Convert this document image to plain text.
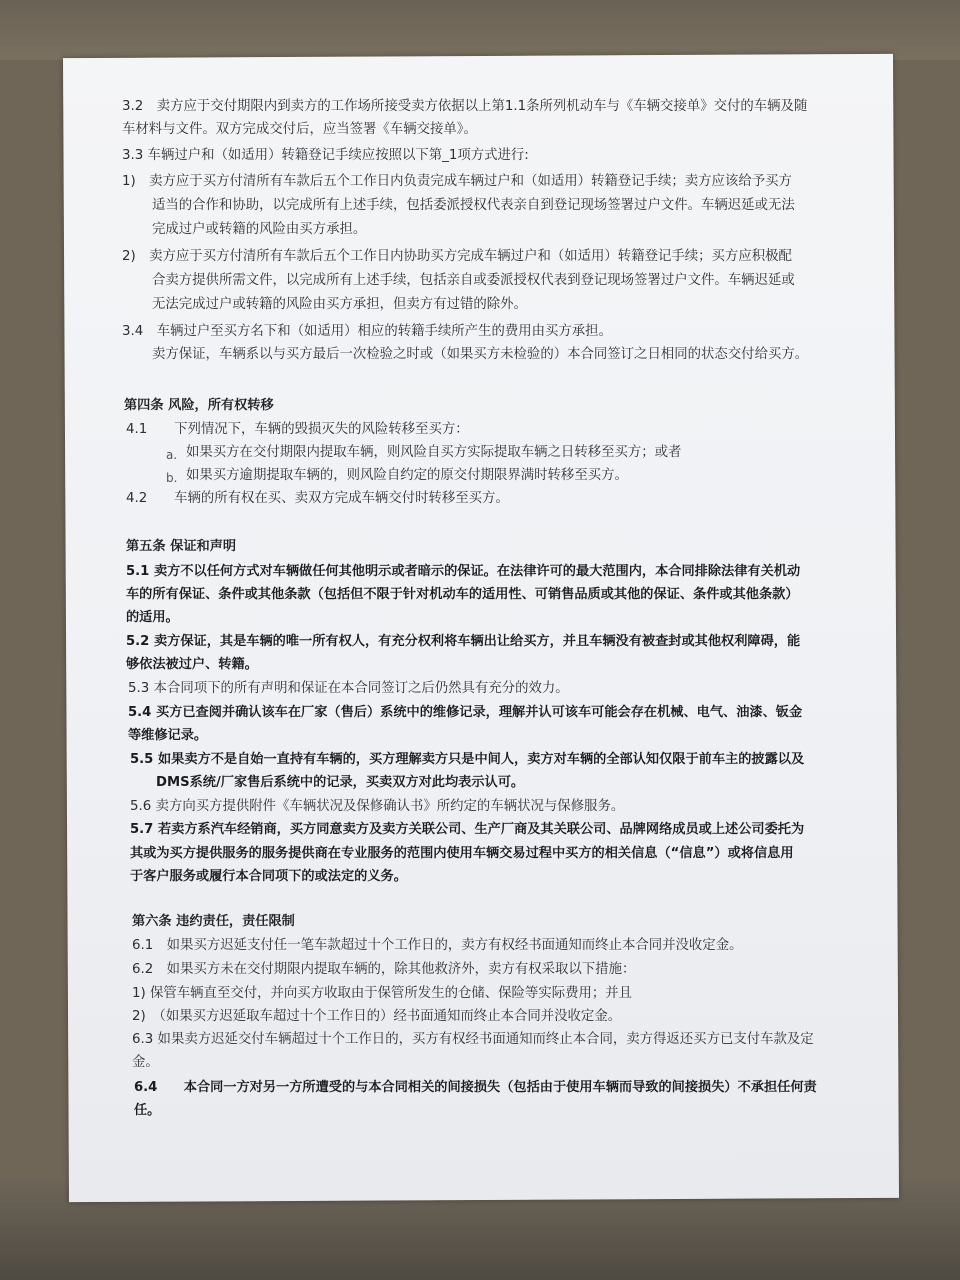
3.2　卖方应于交付期限内到卖方的工作场所接受卖方依据以上第1.1条所列机动车与《车辆交接单》交付的车辆及随
车材料与文件。双方完成交付后，应当签署《车辆交接单》。
3.3 车辆过户和（如适用）转籍登记手续应按照以下第_1项方式进行:
1)　卖方应于买方付清所有车款后五个工作日内负责完成车辆过户和（如适用）转籍登记手续；卖方应该给予买方
适当的合作和协助，以完成所有上述手续，包括委派授权代表亲自到登记现场签署过户文件。车辆迟延或无法
完成过户或转籍的风险由买方承担。
2)　卖方应于买方付清所有车款后五个工作日内协助买方完成车辆过户和（如适用）转籍登记手续；买方应积极配
合卖方提供所需文件，以完成所有上述手续，包括亲自或委派授权代表到登记现场签署过户文件。车辆迟延或
无法完成过户或转籍的风险由买方承担，但卖方有过错的除外。
3.4　车辆过户至买方名下和（如适用）相应的转籍手续所产生的费用由买方承担。
卖方保证，车辆系以与买方最后一次检验之时或（如果买方未检验的）本合同签订之日相同的状态交付给买方。
第四条 风险，所有权转移
4.1　　下列情况下，车辆的毁损灭失的风险转移至买方：
a. 如果买方在交付期限内提取车辆，则风险自买方实际提取车辆之日转移至买方；或者
b. 如果买方逾期提取车辆的，则风险自约定的原交付期限界满时转移至买方。
4.2　　车辆的所有权在买、卖双方完成车辆交付时转移至买方。
第五条 保证和声明
5.1 卖方不以任何方式对车辆做任何其他明示或者暗示的保证。在法律许可的最大范围内，本合同排除法律有关机动
车的所有保证、条件或其他条款（包括但不限于针对机动车的适用性、可销售品质或其他的保证、条件或其他条款）
的适用。
5.2 卖方保证，其是车辆的唯一所有权人，有充分权利将车辆出让给买方，并且车辆没有被查封或其他权利障碍，能
够依法被过户、转籍。
5.3 本合同项下的所有声明和保证在本合同签订之后仍然具有充分的效力。
5.4 买方已查阅并确认该车在厂家（售后）系统中的维修记录，理解并认可该车可能会存在机械、电气、油漆、钣金
等维修记录。
5.5 如果卖方不是自始一直持有车辆的，买方理解卖方只是中间人，卖方对车辆的全部认知仅限于前车主的披露以及
DMS系统/厂家售后系统中的记录，买卖双方对此均表示认可。
5.6 卖方向买方提供附件《车辆状况及保修确认书》所约定的车辆状况与保修服务。
5.7 若卖方系汽车经销商，买方同意卖方及卖方关联公司、生产厂商及其关联公司、品牌网络成员或上述公司委托为
其或为买方提供服务的服务提供商在专业服务的范围内使用车辆交易过程中买方的相关信息（“信息”）或将信息用
于客户服务或履行本合同项下的或法定的义务。
第六条 违约责任，责任限制
6.1　如果买方迟延支付任一笔车款超过十个工作日的，卖方有权经书面通知而终止本合同并没收定金。
6.2　如果买方未在交付期限内提取车辆的，除其他救济外，卖方有权采取以下措施：
1) 保管车辆直至交付，并向买方收取由于保管所发生的仓储、保险等实际费用；并且
2)　（如果买方迟延取车超过十个工作日的）经书面通知而终止本合同并没收定金。
6.3 如果卖方迟延交付车辆超过十个工作日的，买方有权经书面通知而终止本合同，卖方得返还买方已支付车款及定
金。
6.4　　本合同一方对另一方所遭受的与本合同相关的间接损失（包括由于使用车辆而导致的间接损失）不承担任何责
任。
